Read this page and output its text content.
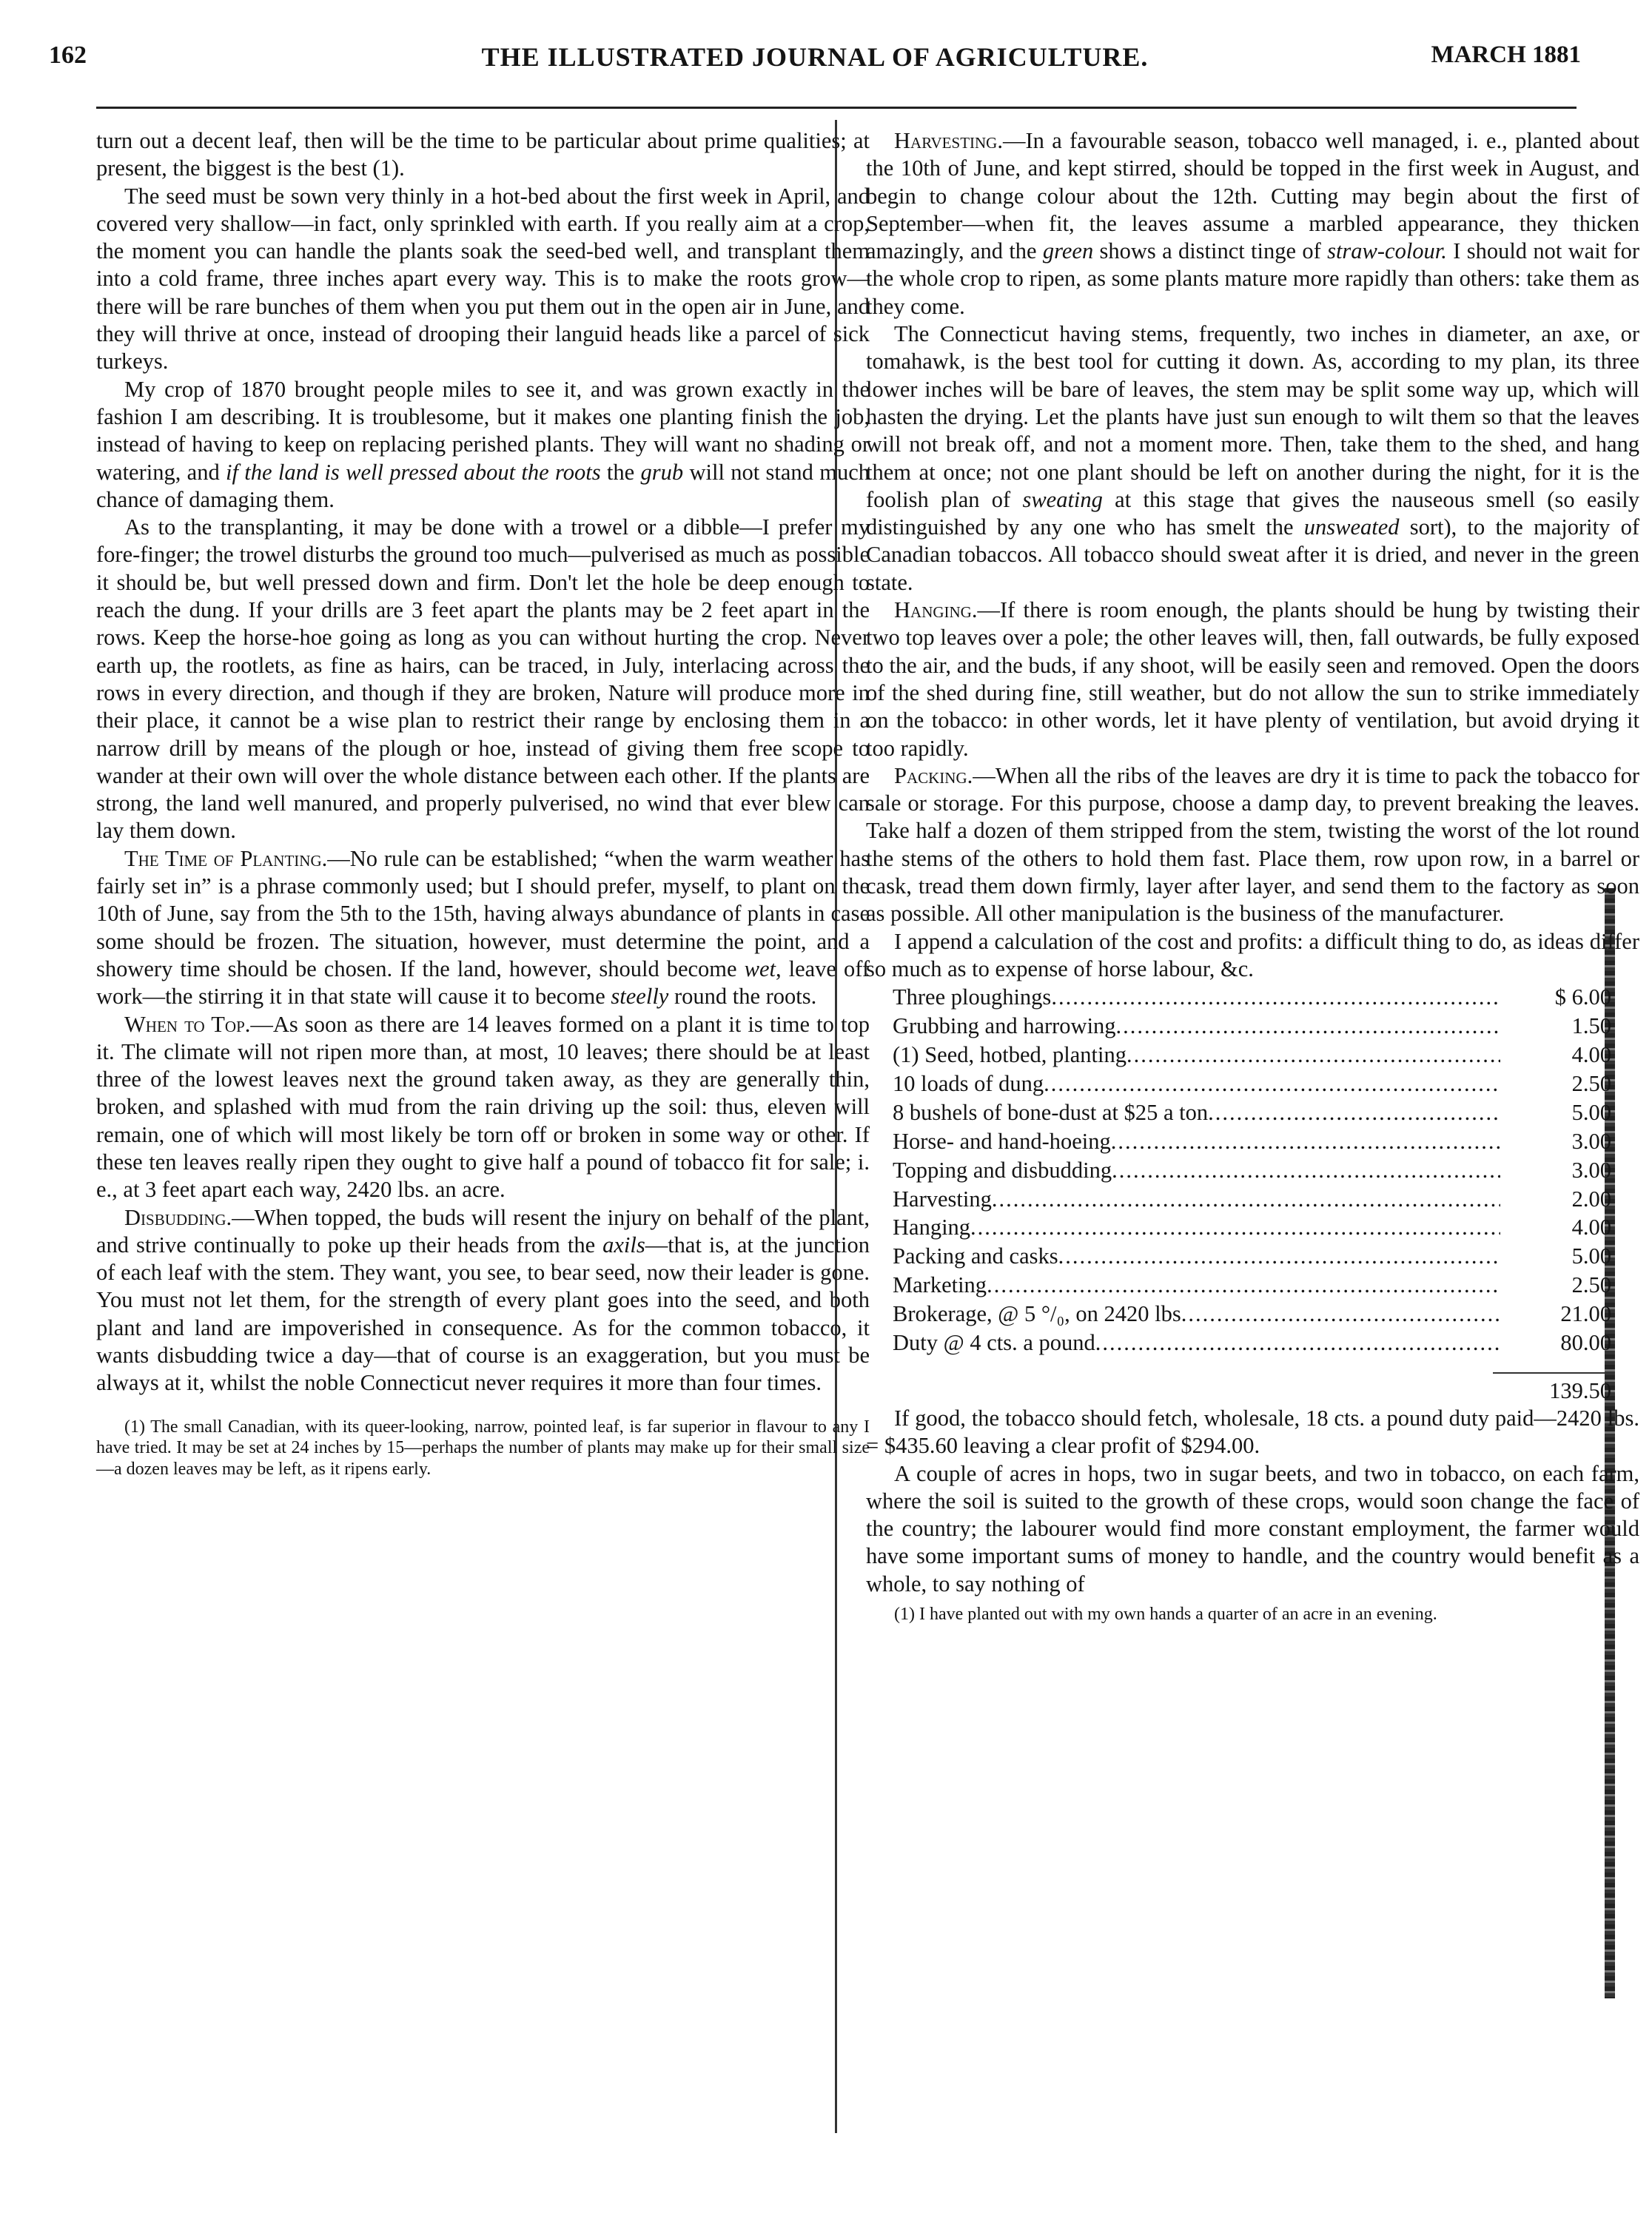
162	THE ILLUSTRATED JOURNAL OF AGRICULTURE.	MARCH 1881

turn out a decent leaf, then will be the time to be particular about prime qualities; at present, the biggest is the best (1).

The seed must be sown very thinly in a hot-bed about the first week in April, and covered very shallow—in fact, only sprinkled with earth. If you really aim at a crop, the moment you can handle the plants soak the seed-bed well, and transplant them into a cold frame, three inches apart every way. This is to make the roots grow—there will be rare bunches of them when you put them out in the open air in June, and they will thrive at once, instead of drooping their languid heads like a parcel of sick turkeys.

My crop of 1870 brought people miles to see it, and was grown exactly in the fashion I am describing. It is troublesome, but it makes one planting finish the job, instead of having to keep on replacing perished plants. They will want no shading or watering, and if the land is well pressed about the roots the grub will not stand much chance of damaging them.

As to the transplanting, it may be done with a trowel or a dibble—I prefer my fore-finger; the trowel disturbs the ground too much—pulverised as much as possible it should be, but well pressed down and firm. Don't let the hole be deep enough to reach the dung. If your drills are 3 feet apart the plants may be 2 feet apart in the rows. Keep the horse-hoe going as long as you can without hurting the crop. Never earth up, the rootlets, as fine as hairs, can be traced, in July, interlacing across the rows in every direction, and though if they are broken, Nature will produce more in their place, it cannot be a wise plan to restrict their range by enclosing them in a narrow drill by means of the plough or hoe, instead of giving them free scope to wander at their own will over the whole distance between each other. If the plants are strong, the land well manured, and properly pulverised, no wind that ever blew can lay them down.

The Time of Planting.—No rule can be established; “when the warm weather has fairly set in” is a phrase commonly used; but I should prefer, myself, to plant on the 10th of June, say from the 5th to the 15th, having always abundance of plants in case some should be frozen. The situation, however, must determine the point, and a showery time should be chosen. If the land, however, should become wet, leave off work—the stirring it in that state will cause it to become steelly round the roots.

When to Top.—As soon as there are 14 leaves formed on a plant it is time to top it. The climate will not ripen more than, at most, 10 leaves; there should be at least three of the lowest leaves next the ground taken away, as they are generally thin, broken, and splashed with mud from the rain driving up the soil: thus, eleven will remain, one of which will most likely be torn off or broken in some way or other. If these ten leaves really ripen they ought to give half a pound of tobacco fit for sale; i. e., at 3 feet apart each way, 2420 lbs. an acre.

Disbudding.—When topped, the buds will resent the injury on behalf of the plant, and strive continually to poke up their heads from the axils—that is, at the junction of each leaf with the stem. They want, you see, to bear seed, now their leader is gone. You must not let them, for the strength of every plant goes into the seed, and both plant and land are impoverished in consequence. As for the common tobacco, it wants disbudding twice a day—that of course is an exaggeration, but you must be always at it, whilst the noble Connecticut never requires it more than four times.

(1) The small Canadian, with its queer-looking, narrow, pointed leaf, is far superior in flavour to any I have tried. It may be set at 24 inches by 15—perhaps the number of plants may make up for their small size—a dozen leaves may be left, as it ripens early.

Harvesting.—In a favourable season, tobacco well managed, i. e., planted about the 10th of June, and kept stirred, should be topped in the first week in August, and begin to change colour about the 12th. Cutting may begin about the first of September—when fit, the leaves assume a marbled appearance, they thicken amazingly, and the green shows a distinct tinge of straw-colour. I should not wait for the whole crop to ripen, as some plants mature more rapidly than others: take them as they come.

The Connecticut having stems, frequently, two inches in diameter, an axe, or tomahawk, is the best tool for cutting it down. As, according to my plan, its three lower inches will be bare of leaves, the stem may be split some way up, which will hasten the drying. Let the plants have just sun enough to wilt them so that the leaves will not break off, and not a moment more. Then, take them to the shed, and hang them at once; not one plant should be left on another during the night, for it is the foolish plan of sweating at this stage that gives the nauseous smell (so easily distinguished by any one who has smelt the unsweated sort), to the majority of Canadian tobaccos. All tobacco should sweat after it is dried, and never in the green state.

Hanging.—If there is room enough, the plants should be hung by twisting their two top leaves over a pole; the other leaves will, then, fall outwards, be fully exposed to the air, and the buds, if any shoot, will be easily seen and removed. Open the doors of the shed during fine, still weather, but do not allow the sun to strike immediately on the tobacco: in other words, let it have plenty of ventilation, but avoid drying it too rapidly.

Packing.—When all the ribs of the leaves are dry it is time to pack the tobacco for sale or storage. For this purpose, choose a damp day, to prevent breaking the leaves. Take half a dozen of them stripped from the stem, twisting the worst of the lot round the stems of the others to hold them fast. Place them, row upon row, in a barrel or cask, tread them down firmly, layer after layer, and send them to the factory as soon as possible. All other manipulation is the business of the manufacturer.

I append a calculation of the cost and profits: a difficult thing to do, as ideas differ so much as to expense of horse labour, &c.

Three ploughings .....	$ 6.00
Grubbing and harrowing .....	1.50
(1) Seed, hotbed, planting .....	4.00
10 loads of dung .....	2.50
8 bushels of bone-dust at $25 a ton .....	5.00
Horse- and hand-hoeing .....	3.00
Topping and disbudding .....	3.00
Harvesting .....	2.00
Hanging .....	4.00
Packing and casks .....	5.00
Marketing .....	2.50
Brokerage, @ 5 °/₀, on 2420 lbs .....	21.00
Duty @ 4 cts. a pound .....	80.00
139.50

If good, the tobacco should fetch, wholesale, 18 cts. a pound duty paid—2420 lbs. = $435.60 leaving a clear profit of $294.00.

A couple of acres in hops, two in sugar beets, and two in tobacco, on each farm, where the soil is suited to the growth of these crops, would soon change the face of the country; the labourer would find more constant employment, the farmer would have some important sums of money to handle, and the country would benefit as a whole, to say nothing of

(1) I have planted out with my own hands a quarter of an acre in an evening.
